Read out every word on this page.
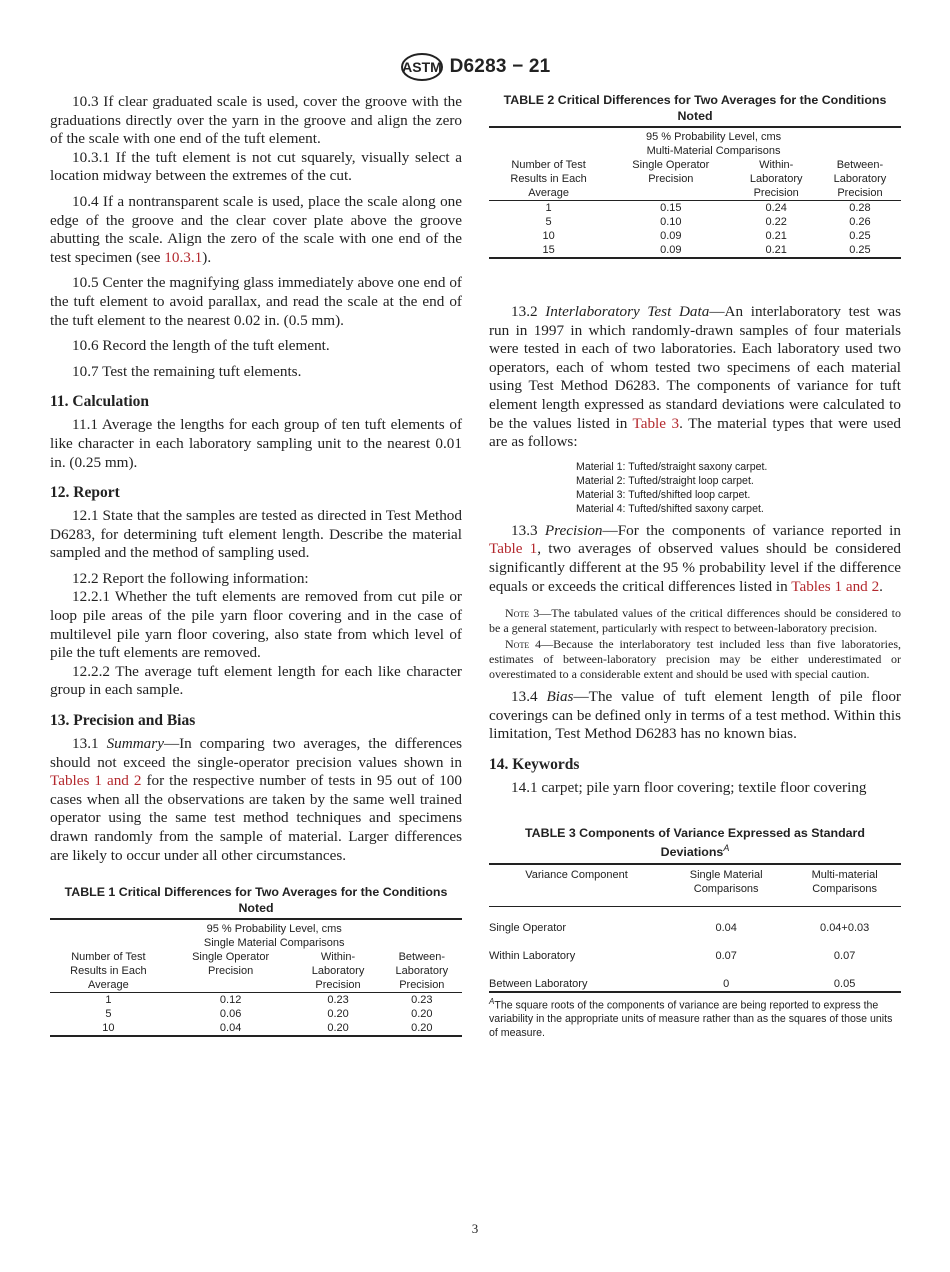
ASTM D6283 − 21

10.3 If clear graduated scale is used, cover the groove with the graduations directly over the yarn in the groove and align the zero of the scale with one end of the tuft element.

10.3.1 If the tuft element is not cut squarely, visually select a location midway between the extremes of the cut.

10.4 If a nontransparent scale is used, place the scale along one edge of the groove and the clear cover plate above the groove abutting the scale. Align the zero of the scale with one end of the test specimen (see 10.3.1).

10.5 Center the magnifying glass immediately above one end of the tuft element to avoid parallax, and read the scale at the end of the tuft element to the nearest 0.02 in. (0.5 mm).

10.6 Record the length of the tuft element.

10.7 Test the remaining tuft elements.

11. Calculation

11.1 Average the lengths for each group of ten tuft elements of like character in each laboratory sampling unit to the nearest 0.01 in. (0.25 mm).

12. Report

12.1 State that the samples are tested as directed in Test Method D6283, for determining tuft element length. Describe the material sampled and the method of sampling used.

12.2 Report the following information:

12.2.1 Whether the tuft elements are removed from cut pile or loop pile areas of the pile yarn floor covering and in the case of multilevel pile yarn floor covering, also state from which level of pile the tuft elements are removed.

12.2.2 The average tuft element length for each like character group in each sample.

13. Precision and Bias

13.1 Summary—In comparing two averages, the differences should not exceed the single-operator precision values shown in Tables 1 and 2 for the respective number of tests in 95 out of 100 cases when all the observations are taken by the same well trained operator using the same test method techniques and specimens drawn randomly from the sample of material. Larger differences are likely to occur under all other circumstances.

TABLE 1 Critical Differences for Two Averages for the Conditions Noted

	95 % Probability Level, cms
Single Material Comparisons		

Number of Test
Results in Each
Average

Single Operator
Precision

Within-
Laboratory
Precision

Between-
Laboratory
Precision

1	0.12	0.23	0.23
5	0.06	0.20	0.20
10	0.04	0.20	0.20
TABLE 2 Critical Differences for Two Averages for the Conditions Noted

	95 % Probability Level, cms
Multi-Material Comparisons		

Number of Test
Results in Each
Average

Single Operator
Precision

Within-
Laboratory
Precision

Between-
Laboratory
Precision

1	0.15	0.24	0.28
5	0.10	0.22	0.26
10	0.09	0.21	0.25
15	0.09	0.21	0.25

13.2 Interlaboratory Test Data—An interlaboratory test was run in 1997 in which randomly-drawn samples of four materials were tested in each of two laboratories. Each laboratory used two operators, each of whom tested two specimens of each material using Test Method D6283. The components of variance for tuft element length expressed as standard deviations were calculated to be the values listed in Table 3. The material types that were used are as follows:

Material 1: Tufted/straight saxony carpet.
Material 2: Tufted/straight loop carpet.
Material 3: Tufted/shifted loop carpet.
Material 4: Tufted/shifted saxony carpet.

13.3 Precision—For the components of variance reported in Table 1, two averages of observed values should be considered significantly different at the 95 % probability level if the difference equals or exceeds the critical differences listed in Tables 1 and 2.

Note 3—The tabulated values of the critical differences should be considered to be a general statement, particularly with respect to between-laboratory precision.

Note 4—Because the interlaboratory test included less than five laboratories, estimates of between-laboratory precision may be either underestimated or overestimated to a considerable extent and should be used with special caution.

13.4 Bias—The value of tuft element length of pile floor coverings can be defined only in terms of a test method. Within this limitation, Test Method D6283 has no known bias.

14. Keywords

14.1 carpet; pile yarn floor covering; textile floor covering

TABLE 3 Components of Variance Expressed as Standard Deviations$^A$
Variance Component	Single Material
Comparisons

Multi-material
Comparisons

Single Operator	0.04	0.04+0.03
Within Laboratory	0.07	0.07
Between Laboratory	0	0.05
$^A$The square roots of the components of variance are being reported to express the variability in the appropriate units of measure rather than as the squares of those units of measure.
3
